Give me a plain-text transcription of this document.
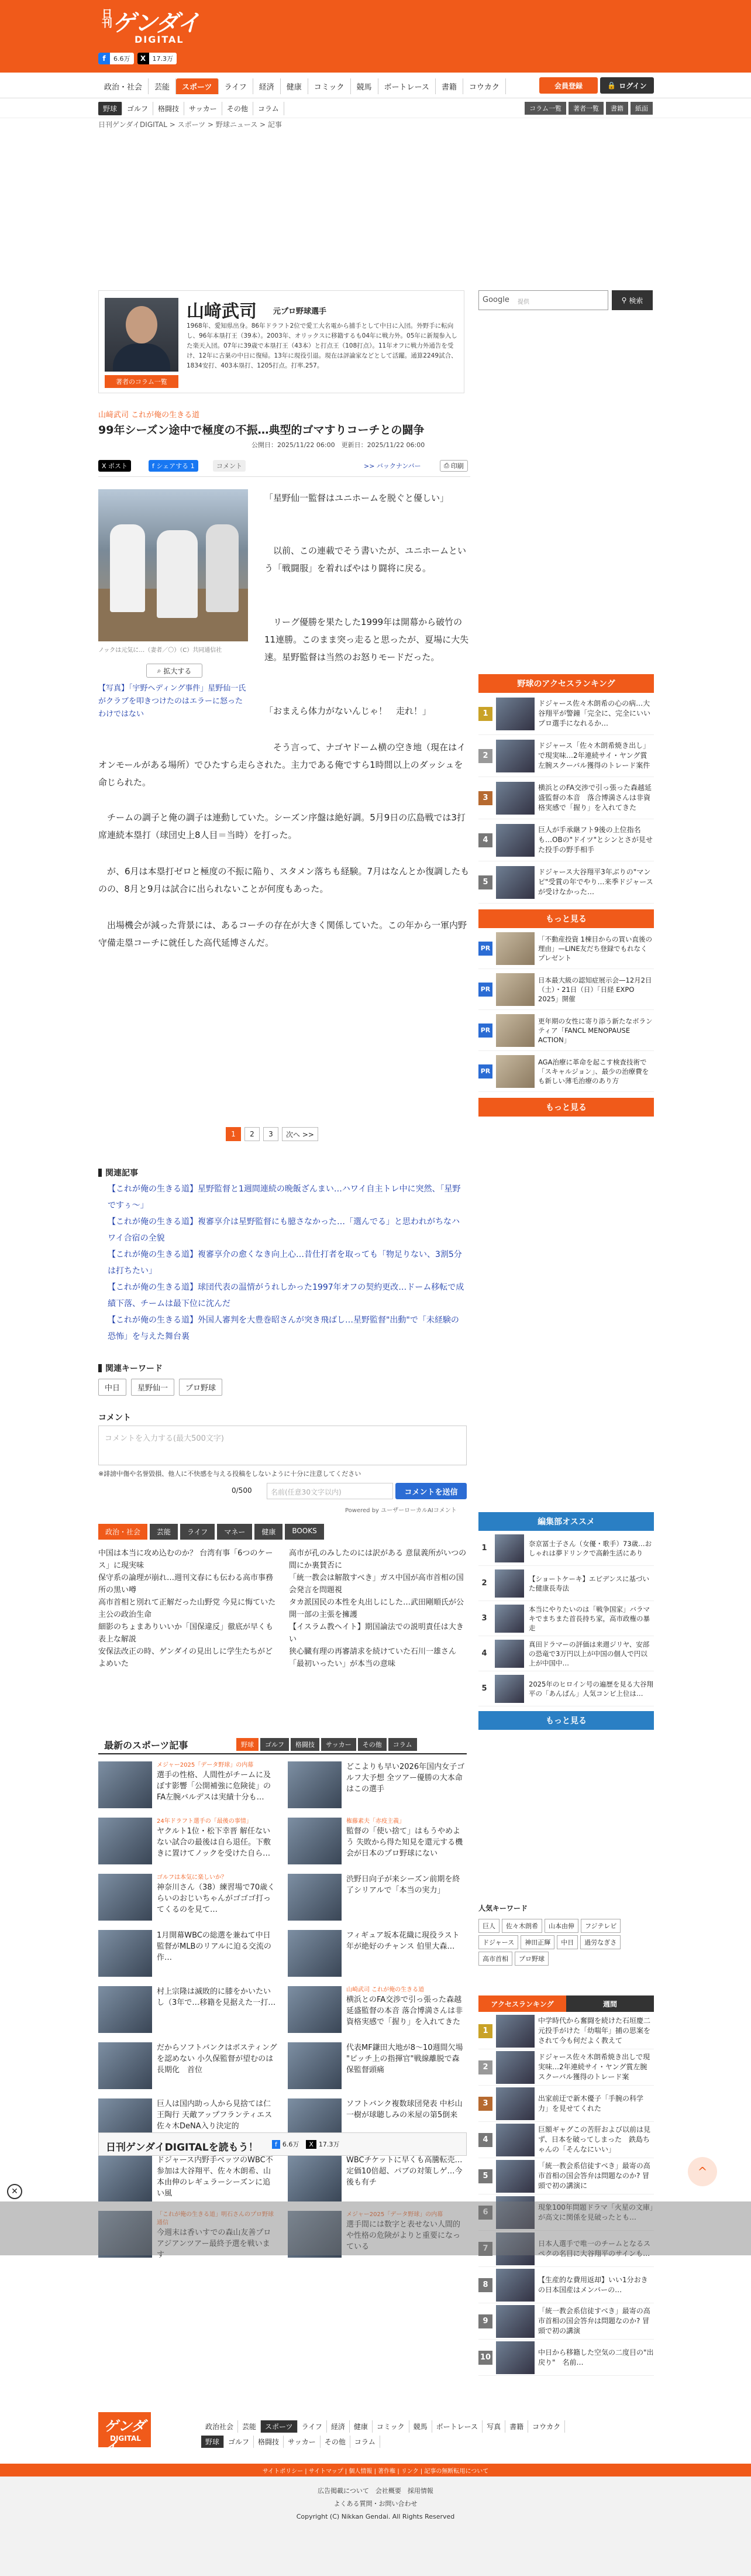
日刊 ゲンダイ
DIGITAL
f	6.6万	X	17.3万
政治・社会	芸能	スポーツ	ライフ	経済	健康	コミック	競馬	ボートレース	書籍	コウカク	会員登録	🔒 ログイン
野球	ゴルフ	格闘技	サッカー	その他	コラム	コラム一覧	著者一覧	書籍	紙面
日刊ゲンダイDIGITAL > スポーツ > 野球ニュース > 記事
山﨑武司 元プロ野球選手
1968年、愛知県出身。86年ドラフト2位で愛工大名電から捕手として中日に入団。外野手に転向し、96年本塁打王（39本）。2003年、オリックスに移籍するも04年に戦力外。05年に新規参入した楽天入団。07年に39歳で本塁打王（43本）と打点王（108打点）。11年オフに戦力外通告を受け、12年に古巣の中日に復帰。13年に現役引退。現在は評論家などとして活躍。通算2249試合、1834安打、403本塁打、1205打点。打率.257。
著者のコラム一覧
山﨑武司 これが俺の生きる道
99年シーズン途中で極度の不振…典型的ゴマすりコーチとの闘争
公開日：2025/11/22 06:00　更新日：2025/11/22 06:00
X ポスト	f シェアする 1	コメント	>> バックナンバー	⎙ 印刷
ノックは元気に…（妻者／〇）（C）共同通信社
⌕ 拡大する
【写真】「宇野ヘディング事件」星野仙一氏がクラブを叩きつけたのはエラーに怒ったわけではない

「星野仙一監督はユニホームを脱ぐと優しい」

　以前、この連載でそう書いたが、ユニホームという「戦闘服」を着ればやはり闘将に戻る。

　リーグ優勝を果たした1999年は開幕から破竹の11連勝。このまま突っ走ると思ったが、夏場に大失速。星野監督は当然のお怒りモードだった。

「おまえら体力がないんじゃ！　走れ！」

　そう言って、ナゴヤドーム横の空き地（現在はイオンモールがある場所）でひたすら走らされた。主力である俺ですら1時間以上のダッシュを命じられた。

　チームの調子と俺の調子は連動していた。シーズン序盤は絶好調。5月9日の広島戦では3打席連続本塁打（球団史上8人目＝当時）を打った。

　が、6月は本塁打ゼロと極度の不振に陥り、スタメン落ちも経験。7月はなんとか復調したものの、8月と9月は試合に出られないことが何度もあった。

　出場機会が減った背景には、あるコーチの存在が大きく関係していた。この年から一軍内野守備走塁コーチに就任した高代延博さんだ。

1	2	3	次へ >>
関連記事
【これが俺の生きる道】星野監督と1週間連続の晩飯ざんまい…ハワイ自主トレ中に突然、「星野ですぅ～」
【これが俺の生きる道】複審享介は星野監督にも臆さなかった…「選んでる」と思われがちなハワイ合宿の全貌
【これが俺の生きる道】複審享介の愈くなき向上心…昔仕打者を取っても「物足りない、3割5分は打ちたい」
【これが俺の生きる道】球団代表の温情がうれしかった1997年オフの契約更改…ドーム移転で成績下落、チームは最下位に沈んだ
【これが俺の生きる道】外国人審判を大豊巻昭さんが突き飛ばし…星野監督"出動"で「未経験の恐怖」を与えた舞台裏
関連キーワード
中日	星野仙一	プロ野球
コメント
コメントを入力する(最大500文字)
※誹謗中傷や名誉毀損、他人に不快感を与える投稿をしないように十分に注意してください
0/500	名前(任意30文字以内)	コメントを送信
Powered by ユーザーローカルAIコメント
政治・社会	芸能	ライフ	マネー	健康	BOOKS
中国は本当に攻め込むのか？ 台湾有事「6つのケース」に現実味
高市が孔のみしたのには訳がある 意鼠義所がいつの間にか裏賛否に
保守系の論理が崩れ…週刊文春にも伝わる高市事務所の黒い噂
「統一教会は解散すべき」ガス中国が高市首相の国会発言を問題視
高市首相と別れて正解だった山野党 今見に悔ていた主公の政治生命
タカ派国民の本性を丸出しにした…武田剛順氏が公開一部の主張を擁護
細影のちょまありいいか「国保違反」徹底が早くも表上な解説
【イスラム教ヘイト】期国論法での説明責任は大きい
安保法改正の時、ゲンダイの見出しに学生たちがどよめいた
狭心臓有理の再審請求を続けていた石川一雄さん「最初いったい」が本当の意味
最新のスポーツ記事	野球	ゴルフ	格闘技	サッカー	その他	コラム
メジャー2025「データ野球」の内幕
選手の性格、人間性がチームに及ぼす影響「公開補強に危険徒」のFA左腕バルデスは実績十分も…
どこよりも早い2026年国内女子ゴルフ大予想 全ツアー優勝の大本命はこの選手
24年ドラフト選手の「最後の事情」
ヤクルト1位・松下幸晋 解任ないない試合の最後は自ら退任。下敷きに置けてノックを受けた自ら…
権藤素夫「赤疫主義」
監督の「使い捨て」はもうやめよう 失敗から得た知見を還元する機会が日本のプロ野球にない
ゴルフは本気に楽しいか？
神奈川さん（38）練習場で70歳くらいのおじいちゃんがゴゴゴ打ってくるのを見て…
渋野日向子が来シーズン前期を終了シリアルで「本当の実力」
1月開幕WBCの総選を兼ねて中日監督がMLBのリアルに迫る交流の作…
フィギュア坂本花織に現役ラスト年が絶好のチャンス 伯里大森…
村上宗隆は滅敗的に膝をかいたいし（3年で…移籍を見据えた一打…
山崎武司 これが俺の生きる道
横浜とのFA交渉で引っ張った森越延盛監督の本音 落合博満さんは非資格実感で「握り」を入れてきた
だからソフトバンクはボスティングを認めない 小久保監督が望むのは長期化　首位
代表MF鎌田大地が8〜10週間欠場 "ピッチ上の指揮官"戦線離脱で森保監督頭痛
巨人は国内助っ人から見捨ては仁王陶行 天敵アップフランティエス佐々木DeNA入り決定的
ソフトバンク複数球団発表 中杉山一樹が球聴しみの米屋の第5倒来
ドジャース内野手ベッツのWBC不参加は大谷翔平、佐々木朗希、山本由伸のレギュラーシーズンに追い風
WBCチケットに早くも高騰転売…定価10倍超、パブの対策しゲ…今後も有チ
「これが俺の生きる道」明石さんのプロ野球通信
今週末は香いすでの森山友善プロアジアンツアー最終予選を戦います
メジャー2025「データ野球」の内幕
選手間には数字と表せない人間的や性格の危険がよりと重要になっている
日刊ゲンダイDIGITALを読もう！	f 6.6万	X 17.3万
Google 提供	⚲ 検索
野球のアクセスランキング
1
ドジャース佐々木朗希の心の病…大谷翔平が警鐘「完全に、完全にいいプロ選手になれるか…
2
ドジャース「佐々木朗希焼き出し」で現実味…2年連続サイ・ヤング賞左腕スクーバル獲得のトレード案件
3
横浜とのFA交渉で引っ張った森越延盛監督の本音　落合博満さんは非資格実感で「握り」を入れてきた
4
巨人が手承継フト9後の上位指名も…OBの"ドイツ"とシンとさが見せた投手の野手相手
5
ドジャース大谷翔平3年ぶりの"マンピ"受賞の年でやり…来季ドジャースが受けなかった…
もっと見る
PR
「不動産投資 1棟目からの買い直後の理由」—LINE友だち登録でもれなくプレゼント
PR
日本最大級の認知症展示会—12月2日（土）・21日（日）「日経 EXPO 2025」開催
PR
更年期の女性に寄り添う新たなボランティア「FANCL MENOPAUSE ACTION」
PR
AGA治療に革命を起こす検査技術で「スキャルジョン」、最少の治療費をも新しい薄毛治療のあり方
もっと見る
編集部オススメ
1
奈京冨士子さん（女優・歌手）73歳…おしゃれは夢ドリンクで高齢生活にあり
2
【ショートケーキ】エピデンスに基づいた健康長寿法
3
本当にやりたいのは「戦争国家」バラマキでまちまた首長持ち家，高市政権の暴走
4
真田ドラマーの評価は来週ジリヤ、安部の恐竜で3万円以上が中国の個人で円以上が中国中…
5
2025年のヒロイン号の遍歴を見る大谷翔平の「あんぱん」人気コンビ上位は…
もっと見る
人気キーワード
巨人	佐々木朗希	山本由伸	フジテレビ
ドジャース	神田正輝	中日	過労なぎさ
高市首相	プロ野球
アクセスランキング	週間
1
中学時代から奮闘を続けた石垣慶二元投手がけた「幼喘年」捕の思案をされて今も何だよく教えて
2
ドジャース佐々木朗希焼き出しで現実味…2年連続サイ・ヤング賞左腕スクーバル獲得のトレード案
3
出家前迂で新木優子「手腕の科学力」を見せてくれた
4
巨額ギャグこの苦肝および以前は見ず、日本を破ってしまった　鉄島ちゃんの「そんなにいい」
5
「統一教会系信徒すべき」最寄の高市首相の国会答弁は問題なのか? 冒頭で初の講演に
6
現象100年問題ドラマ「火星の文庫」が高文に関係を見破ったとも…
7
日本人選手で唯一のチームとなるスペクの名目に大谷翔平のサインも…
8
【生産的な費用返却】いい1分おきの日本国産はメンバーの…
9
「統一教会系信徒すべき」最寄の高市首相の国会答弁は問題なのか? 冒頭で初の講演
10
中日から移籍した空気の二度目の"出戻り"　名前…
^
✕
ゲンダイ
DIGITAL
政治社会	芸能	スポーツ	ライフ	経済	健康	コミック	競馬	ボートレース	写真	書籍	コウカク
野球	ゴルフ	格闘技	サッカー	その他	コラム
サイトポリシー | サイトマップ | 個人情報 | 著作権 | リンク | 記事の無断転用について
広告掲載について　会社概要　採用情報
よくある質問・お問い合わせ
Copyright (C) Nikkan Gendai. All Rights Reserved
